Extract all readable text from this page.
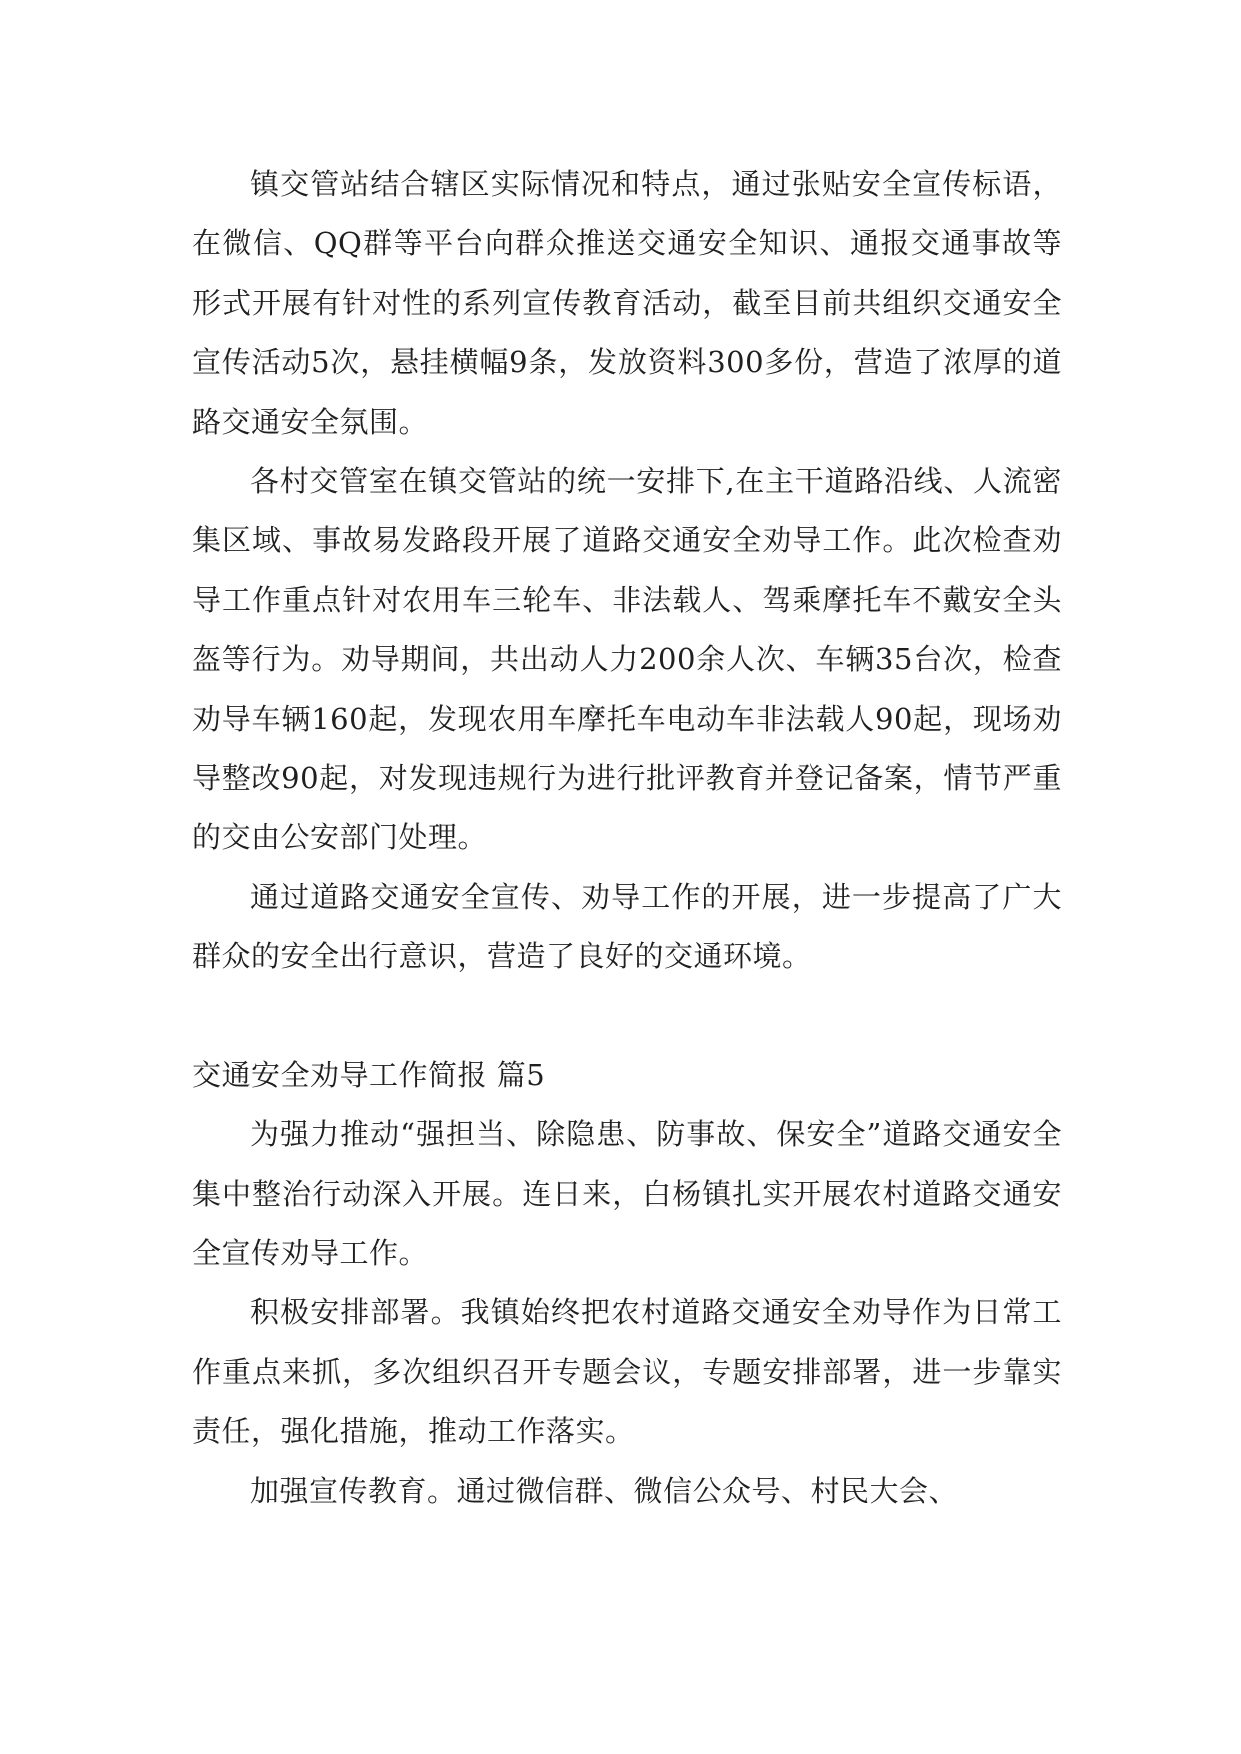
镇交管站结合辖区实际情况和特点，通过张贴安全宣传标语，在微信、QQ群等平台向群众推送交通安全知识、通报交通事故等形式开展有针对性的系列宣传教育活动，截至目前共组织交通安全宣传活动5次，悬挂横幅9条，发放资料300多份，营造了浓厚的道路交通安全氛围。

各村交管室在镇交管站的统一安排下,在主干道路沿线、人流密集区域、事故易发路段开展了道路交通安全劝导工作。此次检查劝导工作重点针对农用车三轮车、非法载人、驾乘摩托车不戴安全头盔等行为。劝导期间，共出动人力200余人次、车辆35台次，检查劝导车辆160起，发现农用车摩托车电动车非法载人90起，现场劝导整改90起，对发现违规行为进行批评教育并登记备案，情节严重的交由公安部门处理。

通过道路交通安全宣传、劝导工作的开展，进一步提高了广大群众的安全出行意识，营造了良好的交通环境。

交通安全劝导工作简报 篇5

为强力推动“强担当、除隐患、防事故、保安全”道路交通安全集中整治行动深入开展。连日来，白杨镇扎实开展农村道路交通安全宣传劝导工作。

积极安排部署。我镇始终把农村道路交通安全劝导作为日常工作重点来抓，多次组织召开专题会议，专题安排部署，进一步靠实责任，强化措施，推动工作落实。

加强宣传教育。通过微信群、微信公众号、村民大会、
